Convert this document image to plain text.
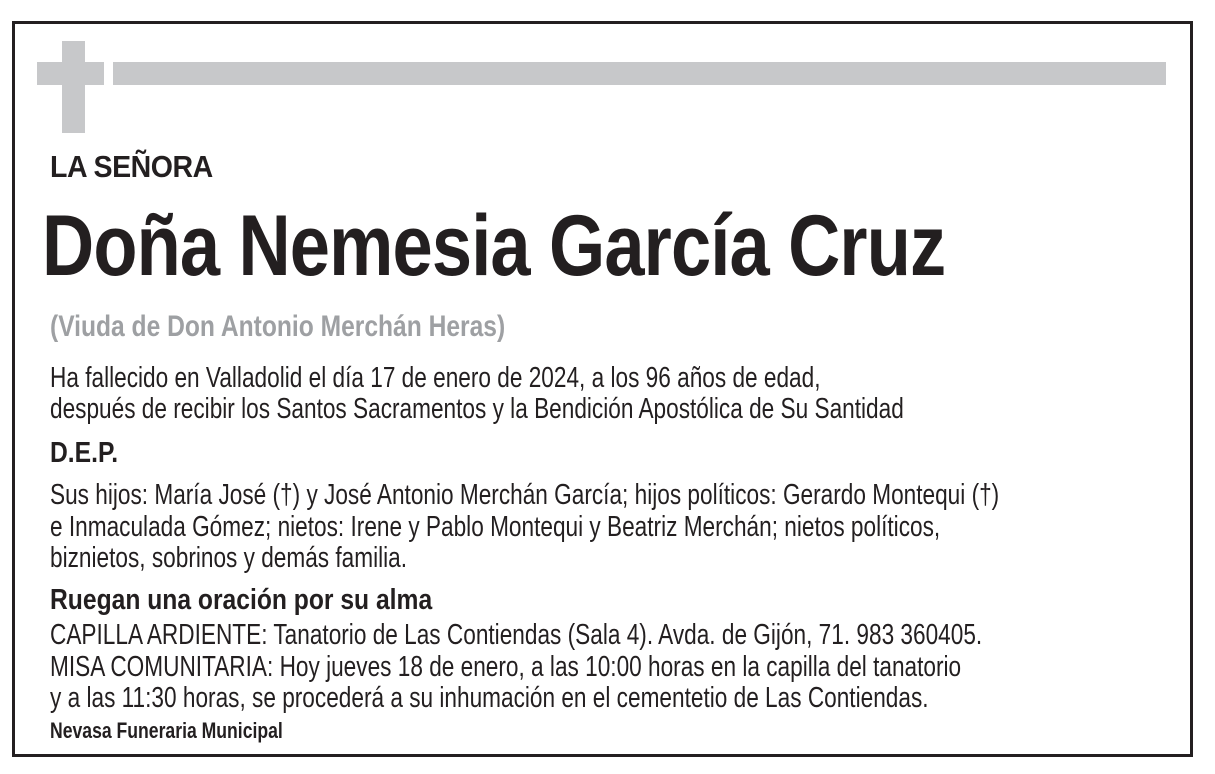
LA SEÑORA
Doña Nemesia García Cruz
(Viuda de Don Antonio Merchán Heras)
Ha fallecido en Valladolid el día 17 de enero de 2024, a los 96 años de edad,
después de recibir los Santos Sacramentos y la Bendición Apostólica de Su Santidad
D.E.P.
Sus hijos: María José (†) y José Antonio Merchán García; hijos políticos: Gerardo Montequi (†)
e Inmaculada Gómez; nietos: Irene y Pablo Montequi y Beatriz Merchán; nietos políticos,
biznietos, sobrinos y demás familia.
Ruegan una oración por su alma
CAPILLA ARDIENTE: Tanatorio de Las Contiendas (Sala 4). Avda. de Gijón, 71. 983 360405.
MISA COMUNITARIA: Hoy jueves 18 de enero, a las 10:00 horas en la capilla del tanatorio
y a las 11:30 horas, se procederá a su inhumación en el cementetio de Las Contiendas.
Nevasa Funeraria Municipal
